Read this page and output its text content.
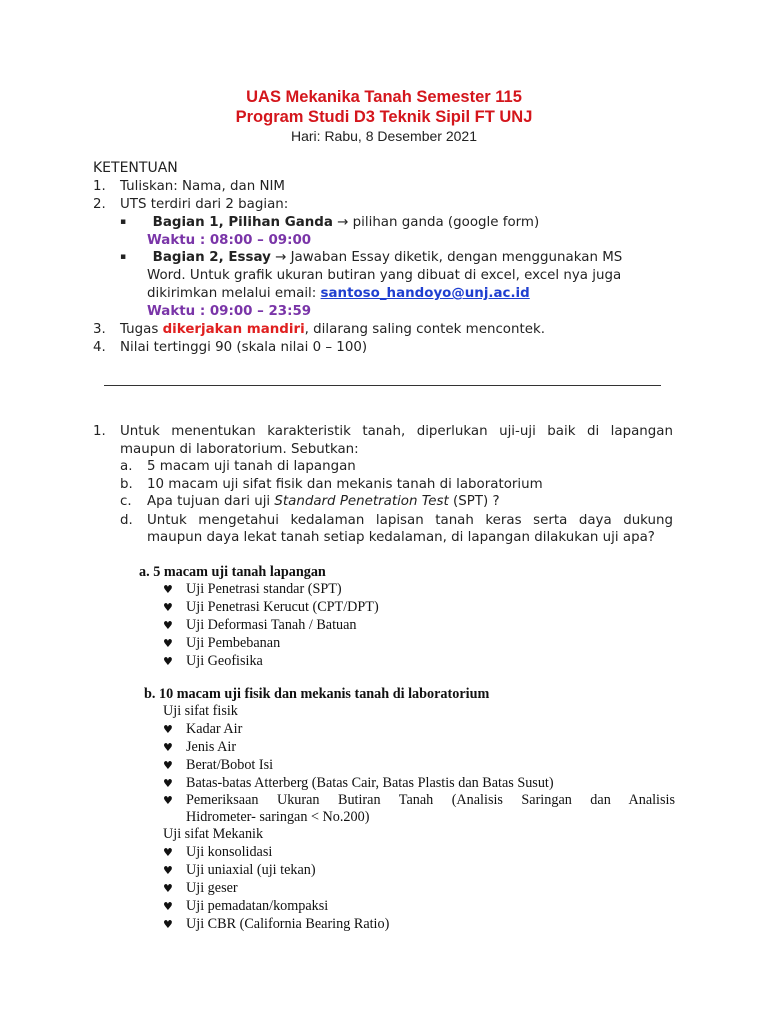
UAS Mekanika Tanah Semester 115
Program Studi D3 Teknik Sipil FT UNJ
Hari: Rabu, 8 Desember 2021
KETENTUAN
1. Tuliskan: Nama, dan NIM
2. UTS terdiri dari 2 bagian:
▪ Bagian 1, Pilihan Ganda → pilihan ganda (google form)
Waktu : 08:00 – 09:00
▪ Bagian 2, Essay → Jawaban Essay diketik, dengan menggunakan MS
Word. Untuk grafik ukuran butiran yang dibuat di excel, excel nya juga
dikirimkan melalui email: santoso_handoyo@unj.ac.id
Waktu : 09:00 – 23:59
3. Tugas dikerjakan mandiri, dilarang saling contek mencontek.
4. Nilai tertinggi 90 (skala nilai 0 – 100)
1. Untuk menentukan karakteristik tanah, diperlukan uji-uji baik di lapangan
maupun di laboratorium. Sebutkan:
a. 5 macam uji tanah di lapangan
b. 10 macam uji sifat fisik dan mekanis tanah di laboratorium
c. Apa tujuan dari uji Standard Penetration Test (SPT) ?
d. Untuk mengetahui kedalaman lapisan tanah keras serta daya dukung
maupun daya lekat tanah setiap kedalaman, di lapangan dilakukan uji apa?
a. 5 macam uji tanah lapangan
♥ Uji Penetrasi standar (SPT)
♥ Uji Penetrasi Kerucut (CPT/DPT)
♥ Uji Deformasi Tanah / Batuan
♥ Uji Pembebanan
♥ Uji Geofisika
b. 10 macam uji fisik dan mekanis tanah di laboratorium
Uji sifat fisik
♥ Kadar Air
♥ Jenis Air
♥ Berat/Bobot Isi
♥ Batas-batas Atterberg (Batas Cair, Batas Plastis dan Batas Susut)
♥ Pemeriksaan Ukuran Butiran Tanah (Analisis Saringan dan Analisis
Hidrometer- saringan < No.200)
Uji sifat Mekanik
♥ Uji konsolidasi
♥ Uji uniaxial (uji tekan)
♥ Uji geser
♥ Uji pemadatan/kompaksi
♥ Uji CBR (California Bearing Ratio)
